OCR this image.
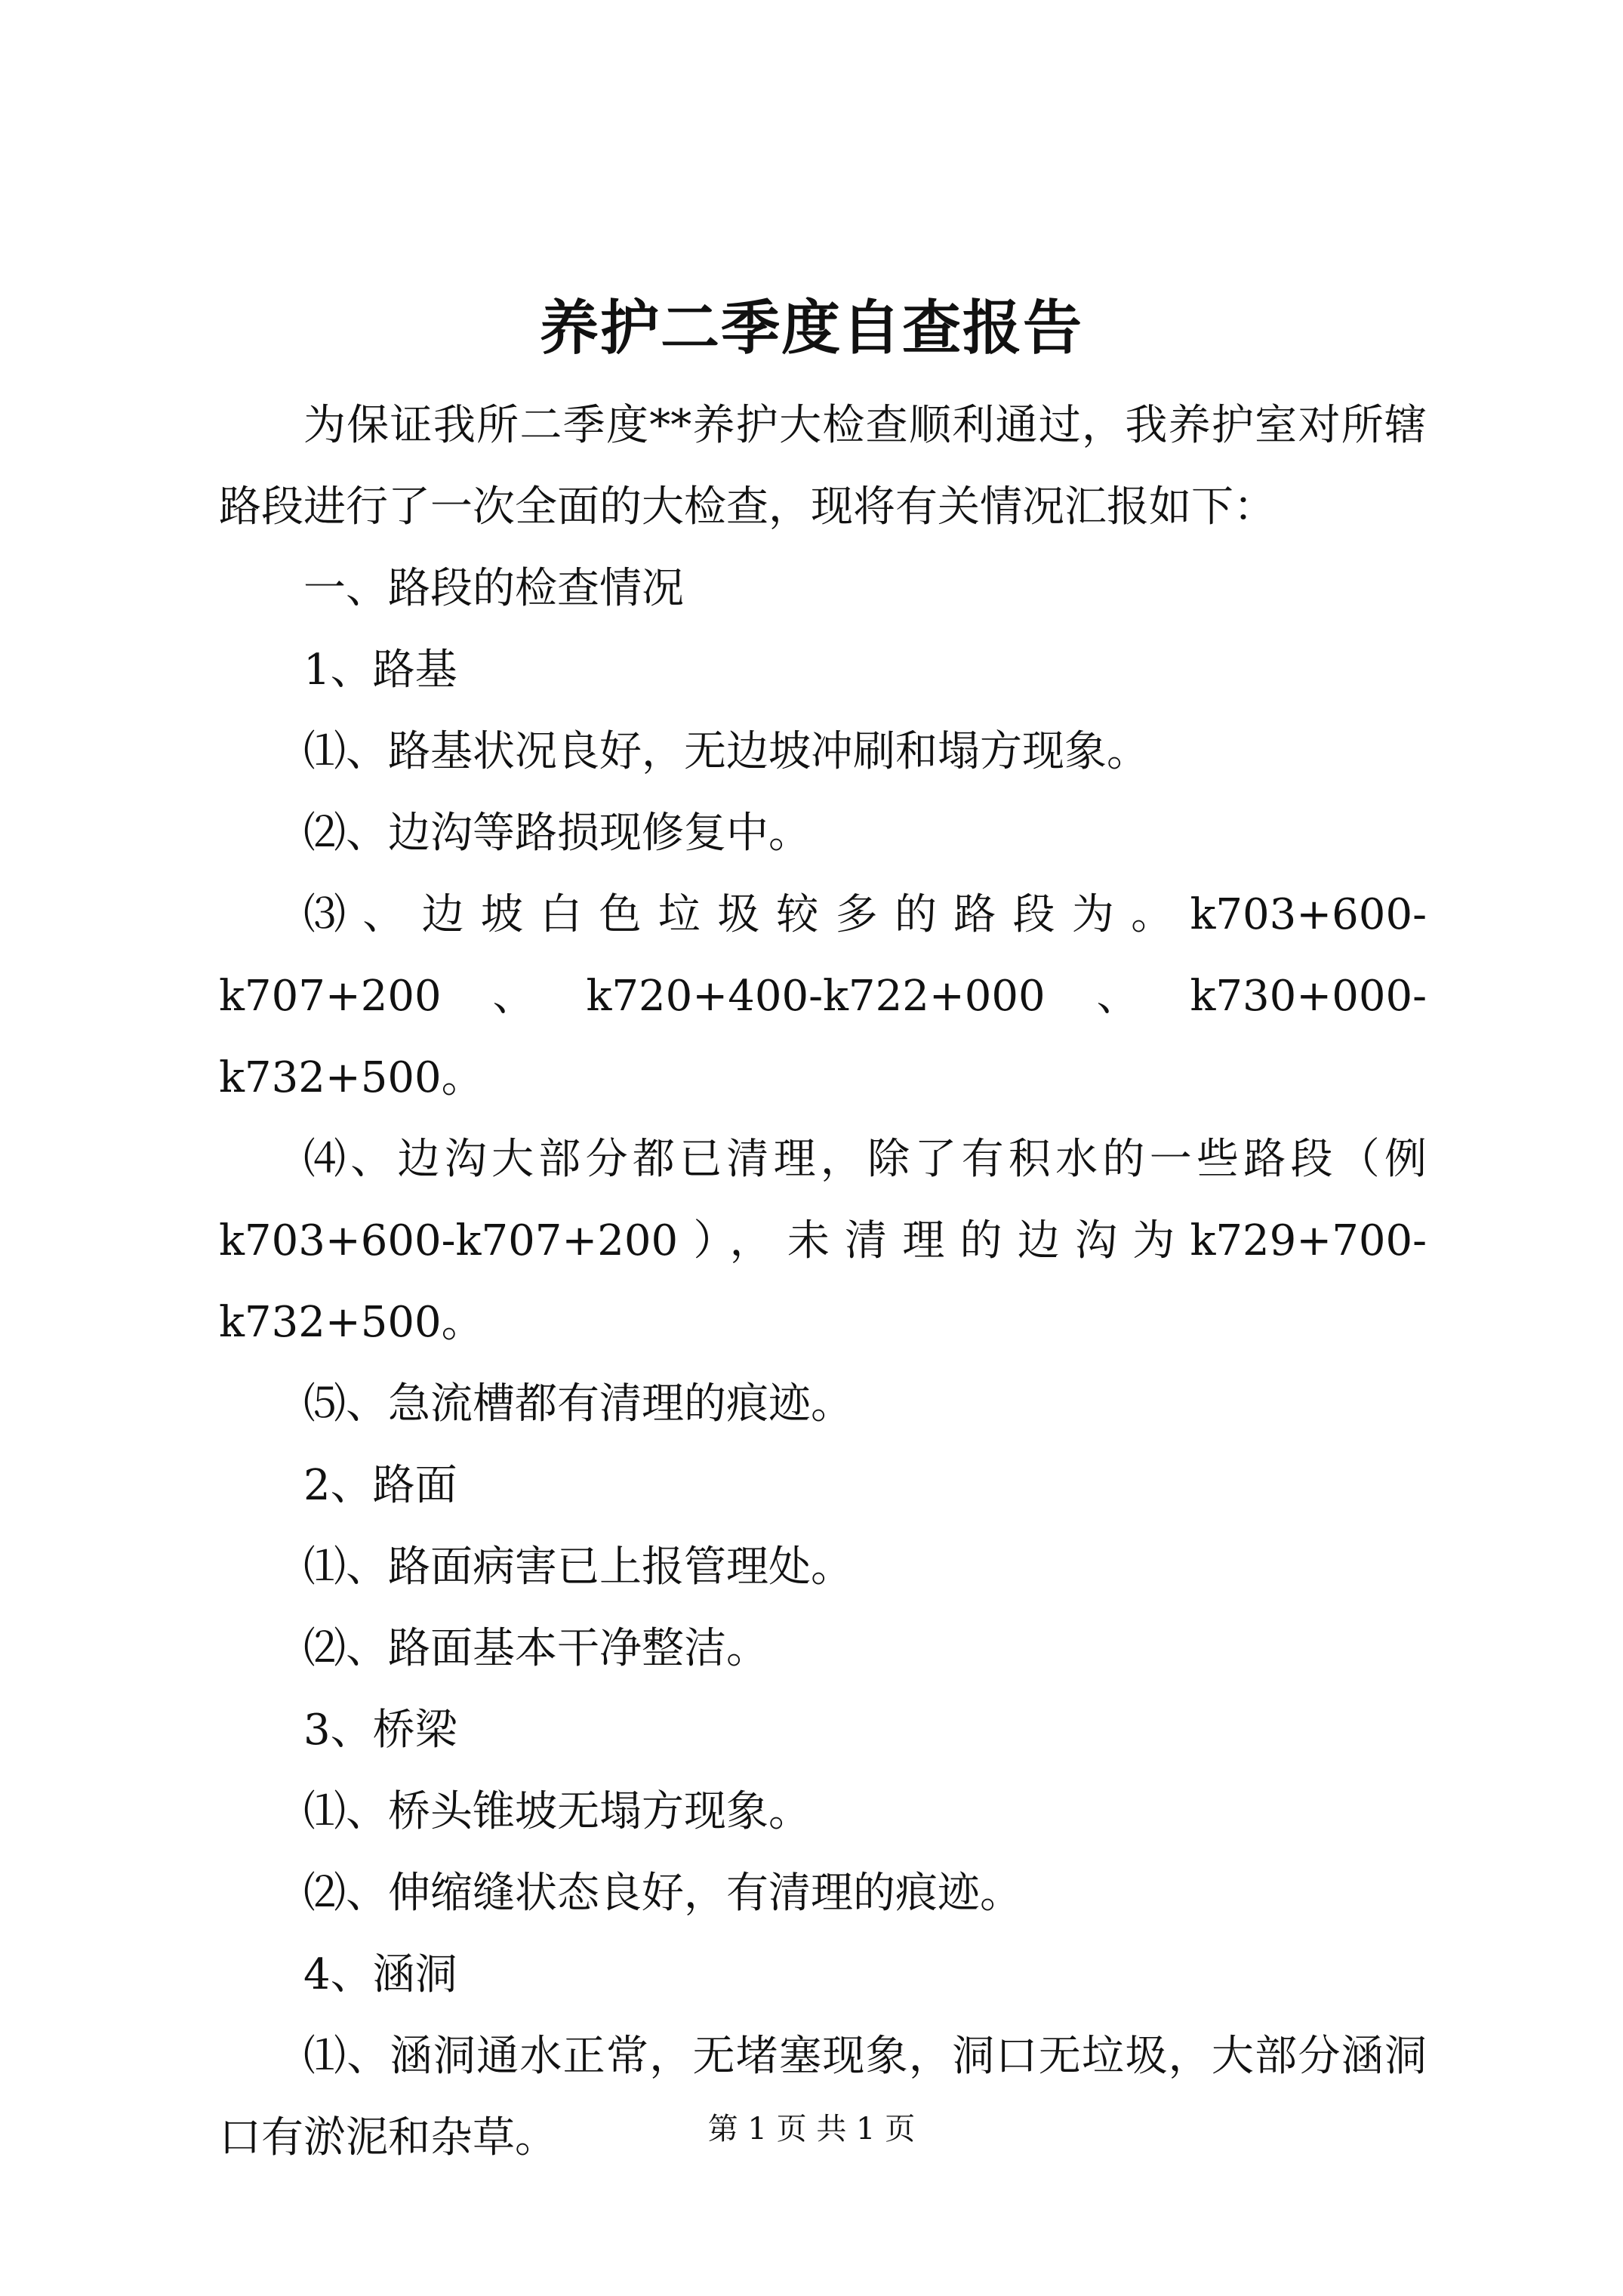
养护二季度自查报告

为保证我所二季度**养护大检查顺利通过，我养护室对所辖路段进行了一次全面的大检查，现将有关情况汇报如下：

一、路段的检查情况

1、路基

⑴、路基状况良好，无边坡冲刷和塌方现象。

⑵、边沟等路损现修复中。

⑶、边坡白色垃圾较多的路段为。k703+600-k707+200、k720+400-k722+000、k730+000-k732+500。

⑷、边沟大部分都已清理，除了有积水的一些路段（例k703+600-k707+200），未清理的边沟为k729+700-k732+500。

⑸、急流槽都有清理的痕迹。

2、路面

⑴、路面病害已上报管理处。

⑵、路面基本干净整洁。

3、桥梁

⑴、桥头锥坡无塌方现象。

⑵、伸缩缝状态良好，有清理的痕迹。

4、涵洞

⑴、涵洞通水正常，无堵塞现象，洞口无垃圾，大部分涵洞口有淤泥和杂草。	第 1 页 共 1 页
